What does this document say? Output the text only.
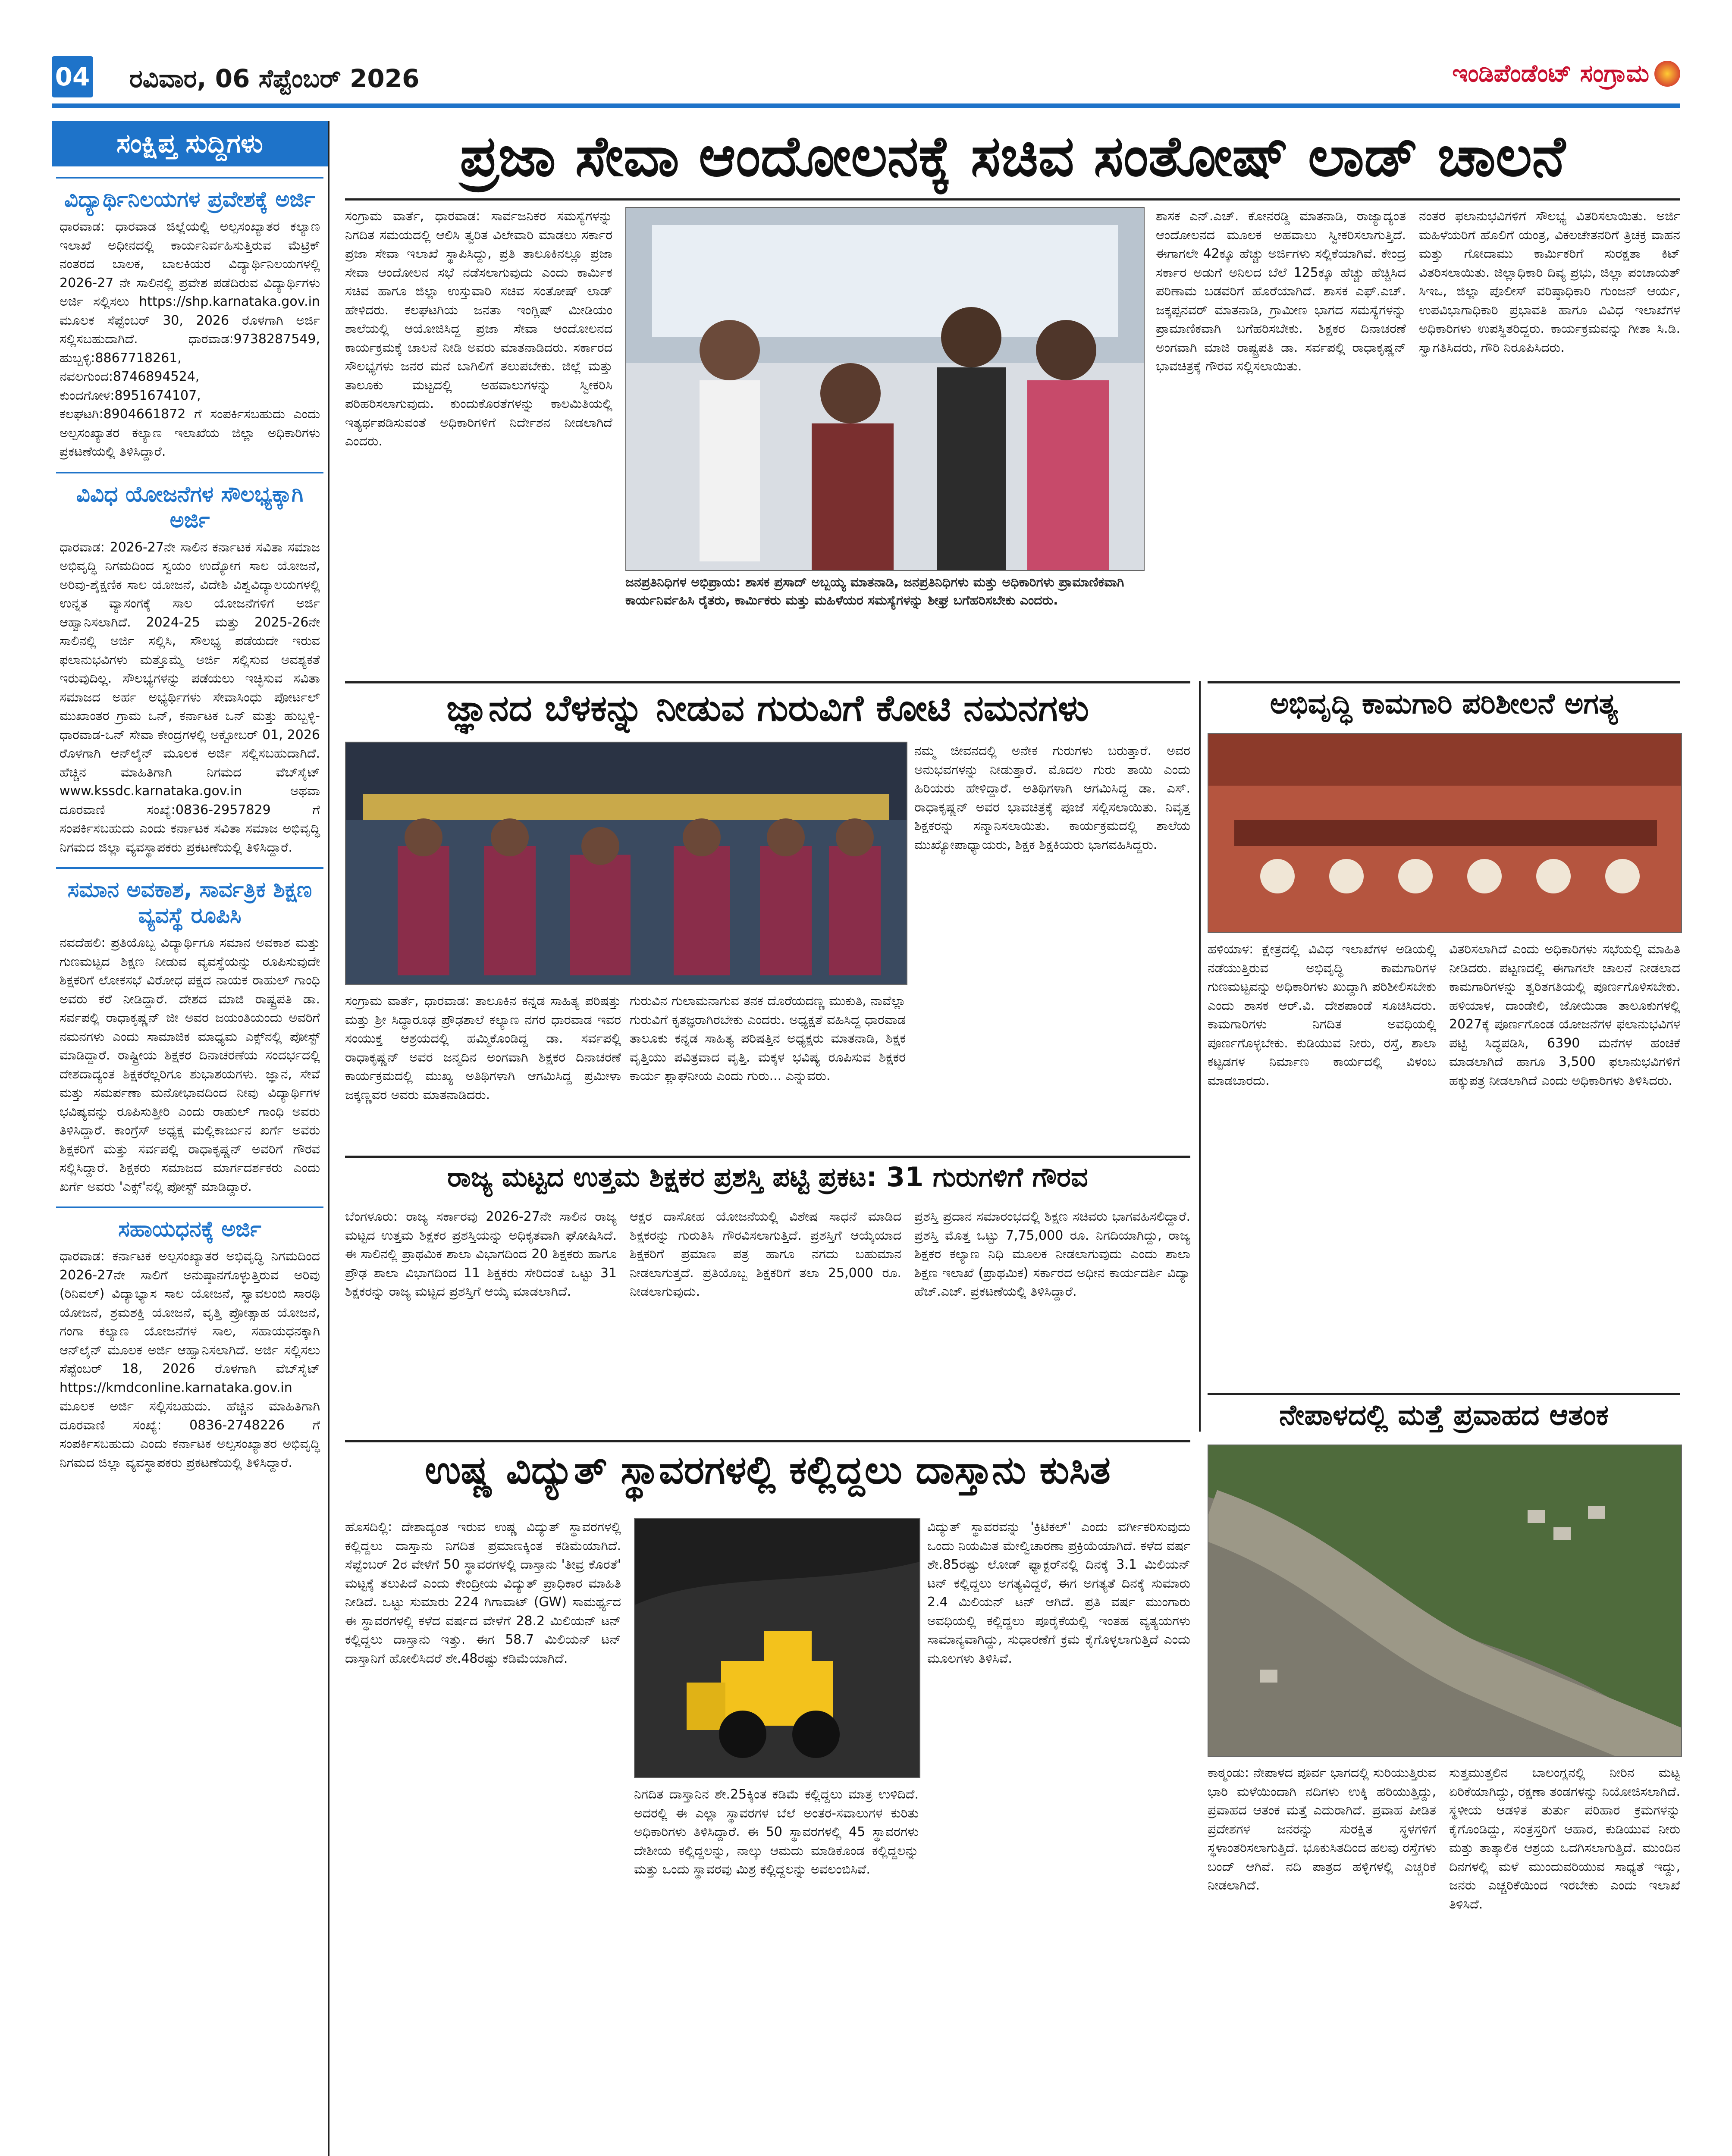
04 ರವಿವಾರ, 06 ಸೆಪ್ಟೆಂಬರ್ 2026	ಇಂಡಿಪೆಂಡೆಂಟ್ ಸಂಗ್ರಾಮ
ಸಂಕ್ಷಿಪ್ತ ಸುದ್ದಿಗಳು
ವಿದ್ಯಾರ್ಥಿನಿಲಯಗಳ ಪ್ರವೇಶಕ್ಕೆ ಅರ್ಜಿ
ಧಾರವಾಡ: ಧಾರವಾಡ ಜಿಲ್ಲೆಯಲ್ಲಿ ಅಲ್ಪಸಂಖ್ಯಾತರ ಕಲ್ಯಾಣ ಇಲಾಖೆ ಅಧೀನದಲ್ಲಿ ಕಾರ್ಯನಿರ್ವಹಿಸುತ್ತಿರುವ ಮೆಟ್ರಿಕ್ ನಂತರದ ಬಾಲಕ, ಬಾಲಕಿಯರ ವಿದ್ಯಾರ್ಥಿನಿಲಯಗಳಲ್ಲಿ 2026-27 ನೇ ಸಾಲಿನಲ್ಲಿ ಪ್ರವೇಶ ಪಡೆದಿರುವ ವಿದ್ಯಾರ್ಥಿಗಳು ಅರ್ಜಿ ಸಲ್ಲಿಸಲು https://shp.karnataka.gov.in ಮೂಲಕ ಸೆಪ್ಟೆಂಬರ್ 30, 2026 ರೊಳಗಾಗಿ ಅರ್ಜಿ ಸಲ್ಲಿಸಬಹುದಾಗಿದೆ. ಧಾರವಾಡ:9738287549, ಹುಬ್ಬಳ್ಳಿ:8867718261, ನವಲಗುಂದ:8746894524, ಕುಂದಗೋಳ:8951674107, ಕಲಘಟಗಿ:8904661872 ಗೆ ಸಂಪರ್ಕಿಸಬಹುದು ಎಂದು ಅಲ್ಪಸಂಖ್ಯಾತರ ಕಲ್ಯಾಣ ಇಲಾಖೆಯ ಜಿಲ್ಲಾ ಅಧಿಕಾರಿಗಳು ಪ್ರಕಟಣೆಯಲ್ಲಿ ತಿಳಿಸಿದ್ದಾರೆ.
ವಿವಿಧ ಯೋಜನೆಗಳ ಸೌಲಭ್ಯಕ್ಕಾಗಿ ಅರ್ಜಿ
ಧಾರವಾಡ: 2026-27ನೇ ಸಾಲಿನ ಕರ್ನಾಟಕ ಸವಿತಾ ಸಮಾಜ ಅಭಿವೃದ್ಧಿ ನಿಗಮದಿಂದ ಸ್ವಯಂ ಉದ್ಯೋಗ ಸಾಲ ಯೋಜನೆ, ಅರಿವು-ಶೈಕ್ಷಣಿಕ ಸಾಲ ಯೋಜನೆ, ವಿದೇಶಿ ವಿಶ್ವವಿದ್ಯಾಲಯಗಳಲ್ಲಿ ಉನ್ನತ ವ್ಯಾಸಂಗಕ್ಕೆ ಸಾಲ ಯೋಜನೆಗಳಿಗೆ ಅರ್ಜಿ ಆಹ್ವಾನಿಸಲಾಗಿದೆ. 2024-25 ಮತ್ತು 2025-26ನೇ ಸಾಲಿನಲ್ಲಿ ಅರ್ಜಿ ಸಲ್ಲಿಸಿ, ಸೌಲಭ್ಯ ಪಡೆಯದೇ ಇರುವ ಫಲಾನುಭವಿಗಳು ಮತ್ತೊಮ್ಮೆ ಅರ್ಜಿ ಸಲ್ಲಿಸುವ ಅವಶ್ಯಕತೆ ಇರುವುದಿಲ್ಲ. ಸೌಲಭ್ಯಗಳನ್ನು ಪಡೆಯಲು ಇಚ್ಛಿಸುವ ಸವಿತಾ ಸಮಾಜದ ಅರ್ಹ ಅಭ್ಯರ್ಥಿಗಳು ಸೇವಾಸಿಂಧು ಪೋರ್ಟಲ್ ಮುಖಾಂತರ ಗ್ರಾಮ ಒನ್, ಕರ್ನಾಟಕ ಒನ್ ಮತ್ತು ಹುಬ್ಬಳ್ಳಿ-ಧಾರವಾಡ-ಒನ್ ಸೇವಾ ಕೇಂದ್ರಗಳಲ್ಲಿ ಅಕ್ಟೋಬರ್ 01, 2026 ರೊಳಗಾಗಿ ಆನ್‌ಲೈನ್ ಮೂಲಕ ಅರ್ಜಿ ಸಲ್ಲಿಸಬಹುದಾಗಿದೆ. ಹೆಚ್ಚಿನ ಮಾಹಿತಿಗಾಗಿ ನಿಗಮದ ವೆಬ್‌ಸೈಟ್ www.kssdc.karnataka.gov.in ಅಥವಾ ದೂರವಾಣಿ ಸಂಖ್ಯೆ:0836-2957829 ಗೆ ಸಂಪರ್ಕಿಸಬಹುದು ಎಂದು ಕರ್ನಾಟಕ ಸವಿತಾ ಸಮಾಜ ಅಭಿವೃದ್ಧಿ ನಿಗಮದ ಜಿಲ್ಲಾ ವ್ಯವಸ್ಥಾಪಕರು ಪ್ರಕಟಣೆಯಲ್ಲಿ ತಿಳಿಸಿದ್ದಾರೆ.
ಸಮಾನ ಅವಕಾಶ, ಸಾರ್ವತ್ರಿಕ ಶಿಕ್ಷಣ ವ್ಯವಸ್ಥೆ ರೂಪಿಸಿ
ನವದೆಹಲಿ: ಪ್ರತಿಯೊಬ್ಬ ವಿದ್ಯಾರ್ಥಿಗೂ ಸಮಾನ ಅವಕಾಶ ಮತ್ತು ಗುಣಮಟ್ಟದ ಶಿಕ್ಷಣ ನೀಡುವ ವ್ಯವಸ್ಥೆಯನ್ನು ರೂಪಿಸುವುದೇ ಶಿಕ್ಷಕರಿಗೆ ಲೋಕಸಭೆ ವಿರೋಧ ಪಕ್ಷದ ನಾಯಕ ರಾಹುಲ್ ಗಾಂಧಿ ಅವರು ಕರೆ ನೀಡಿದ್ದಾರೆ. ದೇಶದ ಮಾಜಿ ರಾಷ್ಟ್ರಪತಿ ಡಾ. ಸರ್ವಪಲ್ಲಿ ರಾಧಾಕೃಷ್ಣನ್ ಜೀ ಅವರ ಜಯಂತಿಯಂದು ಅವರಿಗೆ ನಮನಗಳು ಎಂದು ಸಾಮಾಜಿಕ ಮಾಧ್ಯಮ ಎಕ್ಸ್‌ನಲ್ಲಿ ಪೋಸ್ಟ್ ಮಾಡಿದ್ದಾರೆ. ರಾಷ್ಟ್ರೀಯ ಶಿಕ್ಷಕರ ದಿನಾಚರಣೆಯ ಸಂದರ್ಭದಲ್ಲಿ ದೇಶದಾದ್ಯಂತ ಶಿಕ್ಷಕರೆಲ್ಲರಿಗೂ ಶುಭಾಶಯಗಳು. ಜ್ಞಾನ, ಸೇವೆ ಮತ್ತು ಸಮರ್ಪಣಾ ಮನೋಭಾವದಿಂದ ನೀವು ವಿದ್ಯಾರ್ಥಿಗಳ ಭವಿಷ್ಯವನ್ನು ರೂಪಿಸುತ್ತೀರಿ ಎಂದು ರಾಹುಲ್ ಗಾಂಧಿ ಅವರು ತಿಳಿಸಿದ್ದಾರೆ. ಕಾಂಗ್ರೆಸ್ ಅಧ್ಯಕ್ಷ ಮಲ್ಲಿಕಾರ್ಜುನ ಖರ್ಗೆ ಅವರು ಶಿಕ್ಷಕರಿಗೆ ಮತ್ತು ಸರ್ವಪಲ್ಲಿ ರಾಧಾಕೃಷ್ಣನ್ ಅವರಿಗೆ ಗೌರವ ಸಲ್ಲಿಸಿದ್ದಾರೆ. ಶಿಕ್ಷಕರು ಸಮಾಜದ ಮಾರ್ಗದರ್ಶಕರು ಎಂದು ಖರ್ಗೆ ಅವರು 'ಎಕ್ಸ್'ನಲ್ಲಿ ಪೋಸ್ಟ್ ಮಾಡಿದ್ದಾರೆ.
ಸಹಾಯಧನಕ್ಕೆ ಅರ್ಜಿ
ಧಾರವಾಡ: ಕರ್ನಾಟಕ ಅಲ್ಪಸಂಖ್ಯಾತರ ಅಭಿವೃದ್ಧಿ ನಿಗಮದಿಂದ 2026-27ನೇ ಸಾಲಿಗೆ ಅನುಷ್ಠಾನಗೊಳ್ಳುತ್ತಿರುವ ಅರಿವು (ರಿನಿವಲ್) ವಿದ್ಯಾಭ್ಯಾಸ ಸಾಲ ಯೋಜನೆ, ಸ್ವಾವಲಂಬಿ ಸಾರಥಿ ಯೋಜನೆ, ಶ್ರಮಶಕ್ತಿ ಯೋಜನೆ, ವೃತ್ತಿ ಪ್ರೋತ್ಸಾಹ ಯೋಜನೆ, ಗಂಗಾ ಕಲ್ಯಾಣ ಯೋಜನೆಗಳ ಸಾಲ, ಸಹಾಯಧನಕ್ಕಾಗಿ ಆನ್‌ಲೈನ್ ಮೂಲಕ ಅರ್ಜಿ ಆಹ್ವಾನಿಸಲಾಗಿದೆ. ಅರ್ಜಿ ಸಲ್ಲಿಸಲು ಸೆಪ್ಟೆಂಬರ್ 18, 2026 ರೊಳಗಾಗಿ ವೆಬ್‌ಸೈಟ್ https://kmdconline.karnataka.gov.in ಮೂಲಕ ಅರ್ಜಿ ಸಲ್ಲಿಸಬಹುದು. ಹೆಚ್ಚಿನ ಮಾಹಿತಿಗಾಗಿ ದೂರವಾಣಿ ಸಂಖ್ಯೆ: 0836-2748226 ಗೆ ಸಂಪರ್ಕಿಸಬಹುದು ಎಂದು ಕರ್ನಾಟಕ ಅಲ್ಪಸಂಖ್ಯಾತರ ಅಭಿವೃದ್ಧಿ ನಿಗಮದ ಜಿಲ್ಲಾ ವ್ಯವಸ್ಥಾಪಕರು ಪ್ರಕಟಣೆಯಲ್ಲಿ ತಿಳಿಸಿದ್ದಾರೆ.
ಪ್ರಜಾ ಸೇವಾ ಆಂದೋಲನಕ್ಕೆ ಸಚಿವ ಸಂತೋಷ್ ಲಾಡ್ ಚಾಲನೆ
ಸಂಗ್ರಾಮ ವಾರ್ತೆ, ಧಾರವಾಡ: ಸಾರ್ವಜನಿಕರ ಸಮಸ್ಯೆಗಳನ್ನು ನಿಗದಿತ ಸಮಯದಲ್ಲಿ ಆಲಿಸಿ ತ್ವರಿತ ವಿಲೇವಾರಿ ಮಾಡಲು ಸರ್ಕಾರ ಪ್ರಜಾ ಸೇವಾ ಇಲಾಖೆ ಸ್ಥಾಪಿಸಿದ್ದು, ಪ್ರತಿ ತಾಲೂಕಿನಲ್ಲೂ ಪ್ರಜಾ ಸೇವಾ ಆಂದೋಲನ ಸಭೆ ನಡೆಸಲಾಗುವುದು ಎಂದು ಕಾರ್ಮಿಕ ಸಚಿವ ಹಾಗೂ ಜಿಲ್ಲಾ ಉಸ್ತುವಾರಿ ಸಚಿವ ಸಂತೋಷ್ ಲಾಡ್ ಹೇಳಿದರು. ಕಲಘಟಗಿಯ ಜನತಾ ಇಂಗ್ಲಿಷ್ ಮೀಡಿಯಂ ಶಾಲೆಯಲ್ಲಿ ಆಯೋಜಿಸಿದ್ದ ಪ್ರಜಾ ಸೇವಾ ಆಂದೋಲನದ ಕಾರ್ಯಕ್ರಮಕ್ಕೆ ಚಾಲನೆ ನೀಡಿ ಅವರು ಮಾತನಾಡಿದರು. ಸರ್ಕಾರದ ಸೌಲಭ್ಯಗಳು ಜನರ ಮನೆ ಬಾಗಿಲಿಗೆ ತಲುಪಬೇಕು. ಜಿಲ್ಲೆ ಮತ್ತು ತಾಲೂಕು ಮಟ್ಟದಲ್ಲಿ ಅಹವಾಲುಗಳನ್ನು ಸ್ವೀಕರಿಸಿ ಪರಿಹರಿಸಲಾಗುವುದು. ಕುಂದುಕೊರತೆಗಳನ್ನು ಕಾಲಮಿತಿಯಲ್ಲಿ ಇತ್ಯರ್ಥಪಡಿಸುವಂತೆ ಅಧಿಕಾರಿಗಳಿಗೆ ನಿರ್ದೇಶನ ನೀಡಲಾಗಿದೆ ಎಂದರು.
ಜನಪ್ರತಿನಿಧಿಗಳ ಅಭಿಪ್ರಾಯ: ಶಾಸಕ ಪ್ರಸಾದ್ ಅಬ್ಬಯ್ಯ ಮಾತನಾಡಿ, ಜನಪ್ರತಿನಿಧಿಗಳು ಮತ್ತು ಅಧಿಕಾರಿಗಳು ಪ್ರಾಮಾಣಿಕವಾಗಿ ಕಾರ್ಯನಿರ್ವಹಿಸಿ ರೈತರು, ಕಾರ್ಮಿಕರು ಮತ್ತು ಮಹಿಳೆಯರ ಸಮಸ್ಯೆಗಳನ್ನು ಶೀಘ್ರ ಬಗೆಹರಿಸಬೇಕು ಎಂದರು.
ಶಾಸಕ ಎನ್.ಎಚ್. ಕೋನರಡ್ಡಿ ಮಾತನಾಡಿ, ರಾಜ್ಯಾದ್ಯಂತ ಆಂದೋಲನದ ಮೂಲಕ ಅಹವಾಲು ಸ್ವೀಕರಿಸಲಾಗುತ್ತಿದೆ. ಈಗಾಗಲೇ 42ಕ್ಕೂ ಹೆಚ್ಚು ಅರ್ಜಿಗಳು ಸಲ್ಲಿಕೆಯಾಗಿವೆ. ಕೇಂದ್ರ ಸರ್ಕಾರ ಅಡುಗೆ ಅನಿಲದ ಬೆಲೆ 125ಕ್ಕೂ ಹೆಚ್ಚು ಹೆಚ್ಚಿಸಿದ ಪರಿಣಾಮ ಬಡವರಿಗೆ ಹೊರೆಯಾಗಿದೆ. ಶಾಸಕ ಎಫ್.ಎಚ್. ಜಕ್ಕಪ್ಪನವರ್ ಮಾತನಾಡಿ, ಗ್ರಾಮೀಣ ಭಾಗದ ಸಮಸ್ಯೆಗಳನ್ನು ಪ್ರಾಮಾಣಿಕವಾಗಿ ಬಗೆಹರಿಸಬೇಕು. ಶಿಕ್ಷಕರ ದಿನಾಚರಣೆ ಅಂಗವಾಗಿ ಮಾಜಿ ರಾಷ್ಟ್ರಪತಿ ಡಾ. ಸರ್ವಪಲ್ಲಿ ರಾಧಾಕೃಷ್ಣನ್ ಭಾವಚಿತ್ರಕ್ಕೆ ಗೌರವ ಸಲ್ಲಿಸಲಾಯಿತು.
ನಂತರ ಫಲಾನುಭವಿಗಳಿಗೆ ಸೌಲಭ್ಯ ವಿತರಿಸಲಾಯಿತು. ಅರ್ಜಿ ಮಹಿಳೆಯರಿಗೆ ಹೊಲಿಗೆ ಯಂತ್ರ, ವಿಕಲಚೇತನರಿಗೆ ತ್ರಿಚಕ್ರ ವಾಹನ ಮತ್ತು ಗೋದಾಮು ಕಾರ್ಮಿಕರಿಗೆ ಸುರಕ್ಷತಾ ಕಿಟ್ ವಿತರಿಸಲಾಯಿತು. ಜಿಲ್ಲಾಧಿಕಾರಿ ದಿವ್ಯ ಪ್ರಭು, ಜಿಲ್ಲಾ ಪಂಚಾಯತ್ ಸಿಇಒ, ಜಿಲ್ಲಾ ಪೊಲೀಸ್ ವರಿಷ್ಠಾಧಿಕಾರಿ ಗುಂಜನ್ ಆರ್ಯ, ಉಪವಿಭಾಗಾಧಿಕಾರಿ ಪ್ರಭಾವತಿ ಹಾಗೂ ವಿವಿಧ ಇಲಾಖೆಗಳ ಅಧಿಕಾರಿಗಳು ಉಪಸ್ಥಿತರಿದ್ದರು. ಕಾರ್ಯಕ್ರಮವನ್ನು ಗೀತಾ ಸಿ.ಡಿ. ಸ್ವಾಗತಿಸಿದರು, ಗೌರಿ ನಿರೂಪಿಸಿದರು.
ಜ್ಞಾನದ ಬೆಳಕನ್ನು ನೀಡುವ ಗುರುವಿಗೆ ಕೋಟಿ ನಮನಗಳು
ನಮ್ಮ ಜೀವನದಲ್ಲಿ ಅನೇಕ ಗುರುಗಳು ಬರುತ್ತಾರೆ. ಅವರ ಅನುಭವಗಳನ್ನು ನೀಡುತ್ತಾರೆ. ಮೊದಲ ಗುರು ತಾಯಿ ಎಂದು ಹಿರಿಯರು ಹೇಳಿದ್ದಾರೆ. ಅತಿಥಿಗಳಾಗಿ ಆಗಮಿಸಿದ್ದ ಡಾ. ಎಸ್. ರಾಧಾಕೃಷ್ಣನ್ ಅವರ ಭಾವಚಿತ್ರಕ್ಕೆ ಪೂಜೆ ಸಲ್ಲಿಸಲಾಯಿತು. ನಿವೃತ್ತ ಶಿಕ್ಷಕರನ್ನು ಸನ್ಮಾನಿಸಲಾಯಿತು. ಕಾರ್ಯಕ್ರಮದಲ್ಲಿ ಶಾಲೆಯ ಮುಖ್ಯೋಪಾಧ್ಯಾಯರು, ಶಿಕ್ಷಕ ಶಿಕ್ಷಕಿಯರು ಭಾಗವಹಿಸಿದ್ದರು.
ಸಂಗ್ರಾಮ ವಾರ್ತೆ, ಧಾರವಾಡ: ತಾಲೂಕಿನ ಕನ್ನಡ ಸಾಹಿತ್ಯ ಪರಿಷತ್ತು ಮತ್ತು ಶ್ರೀ ಸಿದ್ಧಾರೂಢ ಪ್ರೌಢಶಾಲೆ ಕಲ್ಯಾಣ ನಗರ ಧಾರವಾಡ ಇವರ ಸಂಯುಕ್ತ ಆಶ್ರಯದಲ್ಲಿ ಹಮ್ಮಿಕೊಂಡಿದ್ದ ಡಾ. ಸರ್ವಪಲ್ಲಿ ರಾಧಾಕೃಷ್ಣನ್ ಅವರ ಜನ್ಮದಿನ ಅಂಗವಾಗಿ ಶಿಕ್ಷಕರ ದಿನಾಚರಣೆ ಕಾರ್ಯಕ್ರಮದಲ್ಲಿ ಮುಖ್ಯ ಅತಿಥಿಗಳಾಗಿ ಆಗಮಿಸಿದ್ದ ಪ್ರಮೀಳಾ ಜಕ್ಕಣ್ಣವರ ಅವರು ಮಾತನಾಡಿದರು.
ಗುರುವಿನ ಗುಲಾಮನಾಗುವ ತನಕ ದೊರೆಯದಣ್ಣ ಮುಕುತಿ, ನಾವೆಲ್ಲಾ ಗುರುವಿಗೆ ಕೃತಜ್ಞರಾಗಿರಬೇಕು ಎಂದರು. ಅಧ್ಯಕ್ಷತೆ ವಹಿಸಿದ್ದ ಧಾರವಾಡ ತಾಲೂಕು ಕನ್ನಡ ಸಾಹಿತ್ಯ ಪರಿಷತ್ತಿನ ಅಧ್ಯಕ್ಷರು ಮಾತನಾಡಿ, ಶಿಕ್ಷಕ ವೃತ್ತಿಯು ಪವಿತ್ರವಾದ ವೃತ್ತಿ. ಮಕ್ಕಳ ಭವಿಷ್ಯ ರೂಪಿಸುವ ಶಿಕ್ಷಕರ ಕಾರ್ಯ ಶ್ಲಾಘನೀಯ ಎಂದು ಗುರು... ಎನ್ನುವರು.
ಅಭಿವೃದ್ಧಿ ಕಾಮಗಾರಿ ಪರಿಶೀಲನೆ ಅಗತ್ಯ
ಹಳಿಯಾಳ: ಕ್ಷೇತ್ರದಲ್ಲಿ ವಿವಿಧ ಇಲಾಖೆಗಳ ಅಡಿಯಲ್ಲಿ ನಡೆಯುತ್ತಿರುವ ಅಭಿವೃದ್ಧಿ ಕಾಮಗಾರಿಗಳ ಗುಣಮಟ್ಟವನ್ನು ಅಧಿಕಾರಿಗಳು ಖುದ್ದಾಗಿ ಪರಿಶೀಲಿಸಬೇಕು ಎಂದು ಶಾಸಕ ಆರ್.ವಿ. ದೇಶಪಾಂಡೆ ಸೂಚಿಸಿದರು. ಕಾಮಗಾರಿಗಳು ನಿಗದಿತ ಅವಧಿಯಲ್ಲಿ ಪೂರ್ಣಗೊಳ್ಳಬೇಕು. ಕುಡಿಯುವ ನೀರು, ರಸ್ತೆ, ಶಾಲಾ ಕಟ್ಟಡಗಳ ನಿರ್ಮಾಣ ಕಾರ್ಯದಲ್ಲಿ ವಿಳಂಬ ಮಾಡಬಾರದು.
ವಿತರಿಸಲಾಗಿದೆ ಎಂದು ಅಧಿಕಾರಿಗಳು ಸಭೆಯಲ್ಲಿ ಮಾಹಿತಿ ನೀಡಿದರು. ಪಟ್ಟಣದಲ್ಲಿ ಈಗಾಗಲೇ ಚಾಲನೆ ನೀಡಲಾದ ಕಾಮಗಾರಿಗಳನ್ನು ತ್ವರಿತಗತಿಯಲ್ಲಿ ಪೂರ್ಣಗೊಳಿಸಬೇಕು. ಹಳಿಯಾಳ, ದಾಂಡೇಲಿ, ಜೋಯಿಡಾ ತಾಲೂಕುಗಳಲ್ಲಿ 2027ಕ್ಕೆ ಪೂರ್ಣಗೊಂಡ ಯೋಜನೆಗಳ ಫಲಾನುಭವಿಗಳ ಪಟ್ಟಿ ಸಿದ್ಧಪಡಿಸಿ, 6390 ಮನೆಗಳ ಹಂಚಿಕೆ ಮಾಡಲಾಗಿದೆ ಹಾಗೂ 3,500 ಫಲಾನುಭವಿಗಳಿಗೆ ಹಕ್ಕುಪತ್ರ ನೀಡಲಾಗಿದೆ ಎಂದು ಅಧಿಕಾರಿಗಳು ತಿಳಿಸಿದರು.
ರಾಜ್ಯ ಮಟ್ಟದ ಉತ್ತಮ ಶಿಕ್ಷಕರ ಪ್ರಶಸ್ತಿ ಪಟ್ಟಿ ಪ್ರಕಟ: 31 ಗುರುಗಳಿಗೆ ಗೌರವ
ಬೆಂಗಳೂರು: ರಾಜ್ಯ ಸರ್ಕಾರವು 2026-27ನೇ ಸಾಲಿನ ರಾಜ್ಯ ಮಟ್ಟದ ಉತ್ತಮ ಶಿಕ್ಷಕರ ಪ್ರಶಸ್ತಿಯನ್ನು ಅಧಿಕೃತವಾಗಿ ಘೋಷಿಸಿದೆ. ಈ ಸಾಲಿನಲ್ಲಿ ಪ್ರಾಥಮಿಕ ಶಾಲಾ ವಿಭಾಗದಿಂದ 20 ಶಿಕ್ಷಕರು ಹಾಗೂ ಪ್ರೌಢ ಶಾಲಾ ವಿಭಾಗದಿಂದ 11 ಶಿಕ್ಷಕರು ಸೇರಿದಂತೆ ಒಟ್ಟು 31 ಶಿಕ್ಷಕರನ್ನು ರಾಜ್ಯ ಮಟ್ಟದ ಪ್ರಶಸ್ತಿಗೆ ಆಯ್ಕೆ ಮಾಡಲಾಗಿದೆ.
ಆಕ್ಷರ ದಾಸೋಹ ಯೋಜನೆಯಲ್ಲಿ ವಿಶೇಷ ಸಾಧನೆ ಮಾಡಿದ ಶಿಕ್ಷಕರನ್ನು ಗುರುತಿಸಿ ಗೌರವಿಸಲಾಗುತ್ತಿದೆ. ಪ್ರಶಸ್ತಿಗೆ ಆಯ್ಕೆಯಾದ ಶಿಕ್ಷಕರಿಗೆ ಪ್ರಮಾಣ ಪತ್ರ ಹಾಗೂ ನಗದು ಬಹುಮಾನ ನೀಡಲಾಗುತ್ತದೆ. ಪ್ರತಿಯೊಬ್ಬ ಶಿಕ್ಷಕರಿಗೆ ತಲಾ 25,000 ರೂ. ನೀಡಲಾಗುವುದು.
ಪ್ರಶಸ್ತಿ ಪ್ರದಾನ ಸಮಾರಂಭದಲ್ಲಿ ಶಿಕ್ಷಣ ಸಚಿವರು ಭಾಗವಹಿಸಲಿದ್ದಾರೆ. ಪ್ರಶಸ್ತಿ ಮೊತ್ತ ಒಟ್ಟು 7,75,000 ರೂ. ನಿಗದಿಯಾಗಿದ್ದು, ರಾಜ್ಯ ಶಿಕ್ಷಕರ ಕಲ್ಯಾಣ ನಿಧಿ ಮೂಲಕ ನೀಡಲಾಗುವುದು ಎಂದು ಶಾಲಾ ಶಿಕ್ಷಣ ಇಲಾಖೆ (ಪ್ರಾಥಮಿಕ) ಸರ್ಕಾರದ ಅಧೀನ ಕಾರ್ಯದರ್ಶಿ ವಿದ್ಯಾ ಹೆಚ್.ಎಚ್. ಪ್ರಕಟಣೆಯಲ್ಲಿ ತಿಳಿಸಿದ್ದಾರೆ.
ನೇಪಾಳದಲ್ಲಿ ಮತ್ತೆ ಪ್ರವಾಹದ ಆತಂಕ
ಕಾಠ್ಮಂಡು: ನೇಪಾಳದ ಪೂರ್ವ ಭಾಗದಲ್ಲಿ ಸುರಿಯುತ್ತಿರುವ ಭಾರಿ ಮಳೆಯಿಂದಾಗಿ ನದಿಗಳು ಉಕ್ಕಿ ಹರಿಯುತ್ತಿದ್ದು, ಪ್ರವಾಹದ ಆತಂಕ ಮತ್ತೆ ಎದುರಾಗಿದೆ. ಪ್ರವಾಹ ಪೀಡಿತ ಪ್ರದೇಶಗಳ ಜನರನ್ನು ಸುರಕ್ಷಿತ ಸ್ಥಳಗಳಿಗೆ ಸ್ಥಳಾಂತರಿಸಲಾಗುತ್ತಿದೆ. ಭೂಕುಸಿತದಿಂದ ಹಲವು ರಸ್ತೆಗಳು ಬಂದ್ ಆಗಿವೆ. ನದಿ ಪಾತ್ರದ ಹಳ್ಳಿಗಳಲ್ಲಿ ಎಚ್ಚರಿಕೆ ನೀಡಲಾಗಿದೆ.
ಸುತ್ತಮುತ್ತಲಿನ ಬಾಲಂಗ್ಲನಲ್ಲಿ ನೀರಿನ ಮಟ್ಟ ಏರಿಕೆಯಾಗಿದ್ದು, ರಕ್ಷಣಾ ತಂಡಗಳನ್ನು ನಿಯೋಜಿಸಲಾಗಿದೆ. ಸ್ಥಳೀಯ ಆಡಳಿತ ತುರ್ತು ಪರಿಹಾರ ಕ್ರಮಗಳನ್ನು ಕೈಗೊಂಡಿದ್ದು, ಸಂತ್ರಸ್ತರಿಗೆ ಆಹಾರ, ಕುಡಿಯುವ ನೀರು ಮತ್ತು ತಾತ್ಕಾಲಿಕ ಆಶ್ರಯ ಒದಗಿಸಲಾಗುತ್ತಿದೆ. ಮುಂದಿನ ದಿನಗಳಲ್ಲಿ ಮಳೆ ಮುಂದುವರಿಯುವ ಸಾಧ್ಯತೆ ಇದ್ದು, ಜನರು ಎಚ್ಚರಿಕೆಯಿಂದ ಇರಬೇಕು ಎಂದು ಇಲಾಖೆ ತಿಳಿಸಿದೆ.
ಉಷ್ಣ ವಿದ್ಯುತ್ ಸ್ಥಾವರಗಳಲ್ಲಿ ಕಲ್ಲಿದ್ದಲು ದಾಸ್ತಾನು ಕುಸಿತ
ಹೊಸದಿಲ್ಲಿ: ದೇಶಾದ್ಯಂತ ಇರುವ ಉಷ್ಣ ವಿದ್ಯುತ್ ಸ್ಥಾವರಗಳಲ್ಲಿ ಕಲ್ಲಿದ್ದಲು ದಾಸ್ತಾನು ನಿಗದಿತ ಪ್ರಮಾಣಕ್ಕಿಂತ ಕಡಿಮೆಯಾಗಿದೆ. ಸೆಪ್ಟೆಂಬರ್ 2ರ ವೇಳೆಗೆ 50 ಸ್ಥಾವರಗಳಲ್ಲಿ ದಾಸ್ತಾನು 'ತೀವ್ರ ಕೊರತೆ' ಮಟ್ಟಕ್ಕೆ ತಲುಪಿದೆ ಎಂದು ಕೇಂದ್ರೀಯ ವಿದ್ಯುತ್ ಪ್ರಾಧಿಕಾರ ಮಾಹಿತಿ ನೀಡಿದೆ. ಒಟ್ಟು ಸುಮಾರು 224 ಗಿಗಾವಾಟ್ (GW) ಸಾಮರ್ಥ್ಯದ ಈ ಸ್ಥಾವರಗಳಲ್ಲಿ ಕಳೆದ ವರ್ಷದ ವೇಳೆಗೆ 28.2 ಮಿಲಿಯನ್ ಟನ್ ಕಲ್ಲಿದ್ದಲು ದಾಸ್ತಾನು ಇತ್ತು. ಈಗ 58.7 ಮಿಲಿಯನ್ ಟನ್ ದಾಸ್ತಾನಿಗೆ ಹೋಲಿಸಿದರೆ ಶೇ.48ರಷ್ಟು ಕಡಿಮೆಯಾಗಿದೆ.
ನಿಗದಿತ ದಾಸ್ತಾನಿನ ಶೇ.25ಕ್ಕಿಂತ ಕಡಿಮೆ ಕಲ್ಲಿದ್ದಲು ಮಾತ್ರ ಉಳಿದಿದೆ. ಅದರಲ್ಲಿ ಈ ಎಲ್ಲಾ ಸ್ಥಾವರಗಳ ಬೆಲೆ ಅಂತರ-ಸವಾಲುಗಳ ಕುರಿತು ಅಧಿಕಾರಿಗಳು ತಿಳಿಸಿದ್ದಾರೆ. ಈ 50 ಸ್ಥಾವರಗಳಲ್ಲಿ 45 ಸ್ಥಾವರಗಳು ದೇಶೀಯ ಕಲ್ಲಿದ್ದಲನ್ನು, ನಾಲ್ಕು ಆಮದು ಮಾಡಿಕೊಂಡ ಕಲ್ಲಿದ್ದಲನ್ನು ಮತ್ತು ಒಂದು ಸ್ಥಾವರವು ಮಿಶ್ರ ಕಲ್ಲಿದ್ದಲನ್ನು ಅವಲಂಬಿಸಿವೆ.
ವಿದ್ಯುತ್ ಸ್ಥಾವರವನ್ನು 'ಕ್ರಿಟಿಕಲ್' ಎಂದು ವರ್ಗೀಕರಿಸುವುದು ಒಂದು ನಿಯಮಿತ ಮೇಲ್ವಿಚಾರಣಾ ಪ್ರಕ್ರಿಯೆಯಾಗಿದೆ. ಕಳೆದ ವರ್ಷ ಶೇ.85ರಷ್ಟು ಲೋಡ್ ಫ್ಯಾಕ್ಟರ್‌ನಲ್ಲಿ ದಿನಕ್ಕೆ 3.1 ಮಿಲಿಯನ್ ಟನ್ ಕಲ್ಲಿದ್ದಲು ಅಗತ್ಯವಿದ್ದರೆ, ಈಗ ಅಗತ್ಯತೆ ದಿನಕ್ಕೆ ಸುಮಾರು 2.4 ಮಿಲಿಯನ್ ಟನ್ ಆಗಿದೆ. ಪ್ರತಿ ವರ್ಷ ಮುಂಗಾರು ಅವಧಿಯಲ್ಲಿ ಕಲ್ಲಿದ್ದಲು ಪೂರೈಕೆಯಲ್ಲಿ ಇಂತಹ ವ್ಯತ್ಯಯಗಳು ಸಾಮಾನ್ಯವಾಗಿದ್ದು, ಸುಧಾರಣೆಗೆ ಕ್ರಮ ಕೈಗೊಳ್ಳಲಾಗುತ್ತಿದೆ ಎಂದು ಮೂಲಗಳು ತಿಳಿಸಿವೆ.
